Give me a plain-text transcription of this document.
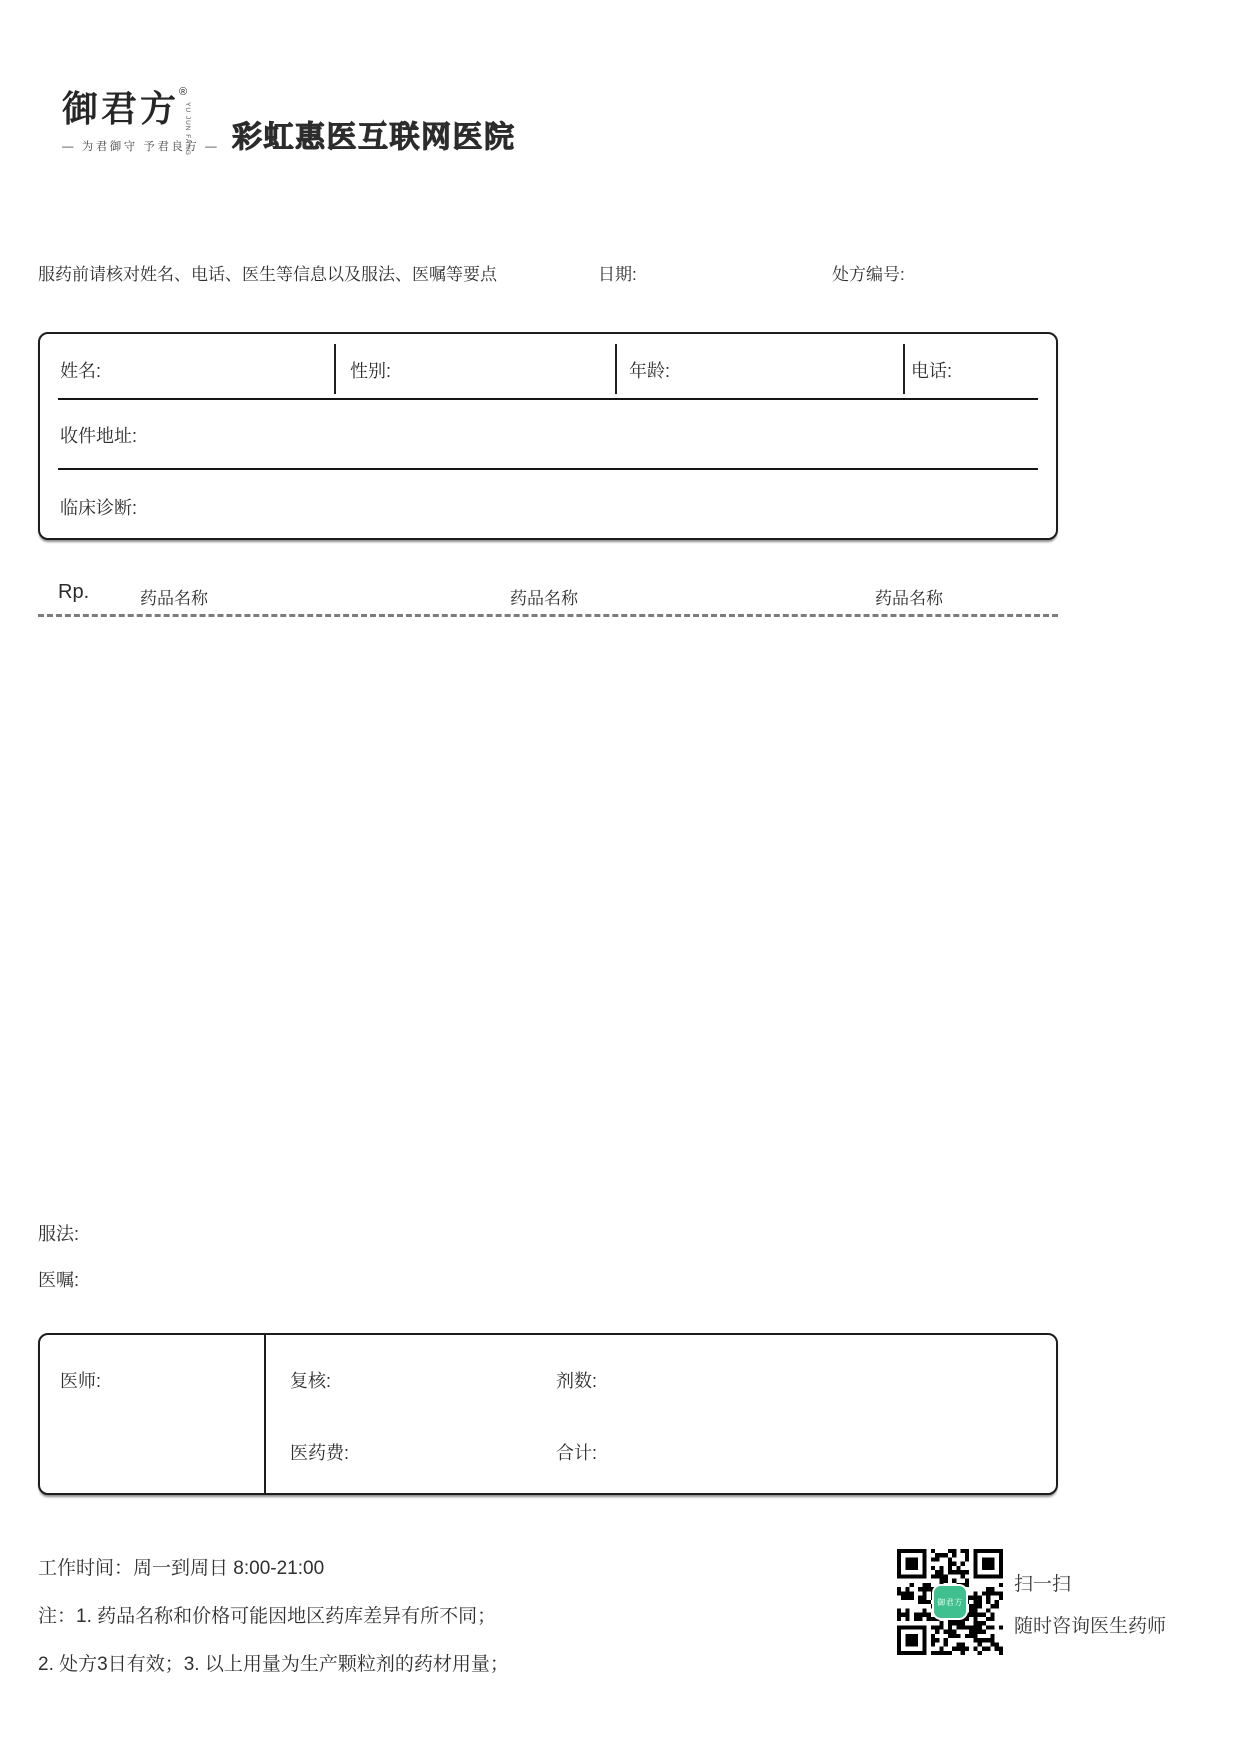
御君方®
YU JUN FANG
— 为君御守 予君良方 — 彩虹惠医互联网医院
服药前请核对姓名、电话、医生等信息以及服法、医嘱等要点	日期:	处方编号:
姓名:	性别:	年龄:	电话:
收件地址:
临床诊断:
Rp.	药品名称	药品名称	药品名称
服法:
医嘱:
医师:	复核:	剂数:
医药费:	合计:
工作时间：周一到周日 8:00-21:00
注：1. 药品名称和价格可能因地区药库差异有所不同；
2. 处方3日有效；3. 以上用量为生产颗粒剂的药材用量；
御君方
扫一扫
随时咨询医生药师
